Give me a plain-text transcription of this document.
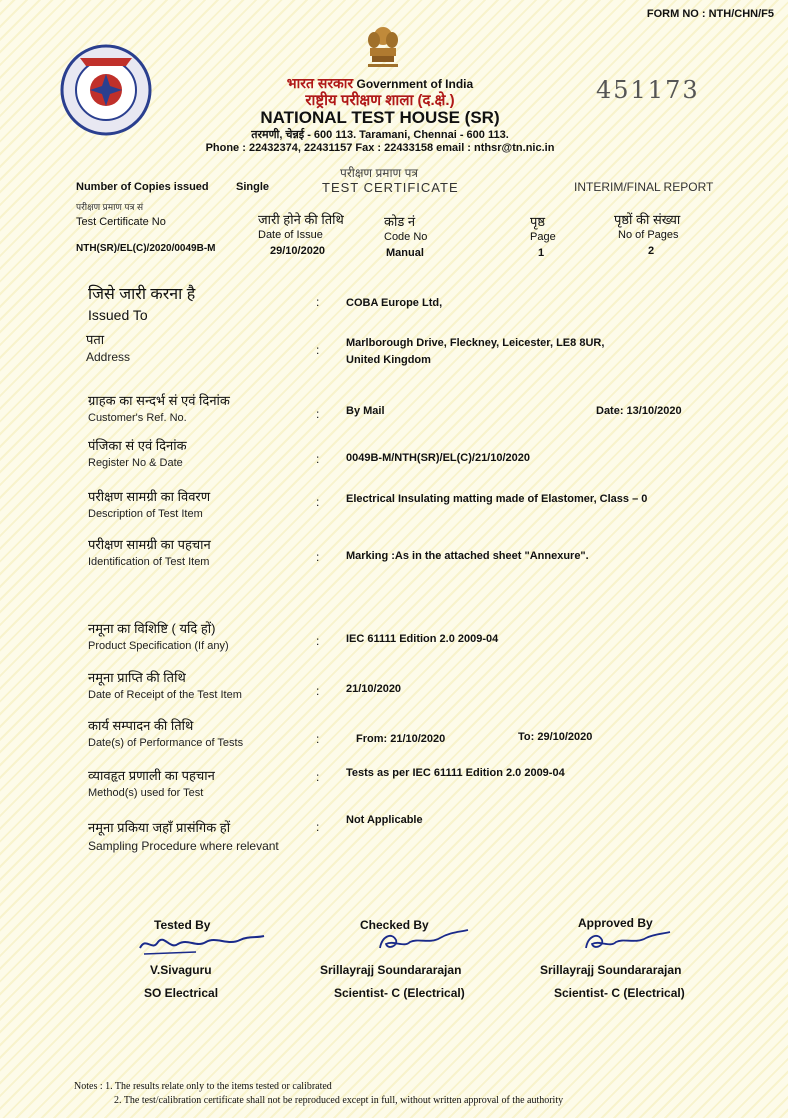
FORM NO : NTH/CHN/F5
451173
भारत सरकार Government of India
राष्ट्रीय परीक्षण शाला (द.क्षे.)
NATIONAL TEST HOUSE (SR)
तरमणी, चेन्नई - 600 113. Taramani, Chennai - 600 113.
Phone : 22432374, 22431157 Fax : 22433158 email : nthsr@tn.nic.in
परीक्षण प्रमाण पत्र
TEST CERTIFICATE	INTERIM/FINAL REPORT
Number of Copies issued Single
परीक्षण प्रमाण पत्र सं
Test Certificate No
NTH(SR)/EL(C)/2020/0049B-M
जारी होने की तिथि
Date of Issue
29/10/2020
कोड नं
Code No
Manual
पृष्ठ
Page
1
पृष्ठों की संख्या
No of Pages
2
जिसे जारी करना है
Issued To
: COBA Europe Ltd,
पता
Address	: Marlborough Drive, Fleckney, Leicester, LE8 8UR,
United Kingdom
ग्राहक का सन्दर्भ सं एवं दिनांक
Customer's Ref. No.	: By Mail	Date: 13/10/2020
पंजिका सं एवं दिनांक
Register No & Date	: 0049B-M/NTH(SR)/EL(C)/21/10/2020
परीक्षण सामग्री का विवरण
Description of Test Item
: Electrical Insulating matting made of Elastomer, Class – 0
परीक्षण सामग्री का पहचान
Identification of Test Item	: Marking :As in the attached sheet "Annexure".
नमूना का विशिष्टि ( यदि हों)
Product Specification (If any)	: IEC 61111 Edition 2.0 2009-04
नमूना प्राप्ति की तिथि
Date of Receipt of the Test Item	: 21/10/2020
कार्य सम्पादन की तिथि
Date(s) of Performance of Tests	:	From: 21/10/2020	To: 29/10/2020
व्यावहृत प्रणाली का पहचान
Method(s) used for Test
: Tests as per IEC 61111 Edition 2.0 2009-04
नमूना प्रकिया जहाँ प्रासंगिक हों
Sampling Procedure where relevant
: Not Applicable
Tested By
V.Sivaguru
SO Electrical
Checked By
Srillayrajj Soundararajan
Scientist- C (Electrical)
Approved By
Srillayrajj Soundararajan
Scientist- C (Electrical)
Notes : 1. The results relate only to the items tested or calibrated
2. The test/calibration certificate shall not be reproduced except in full, without written approval of the authority
